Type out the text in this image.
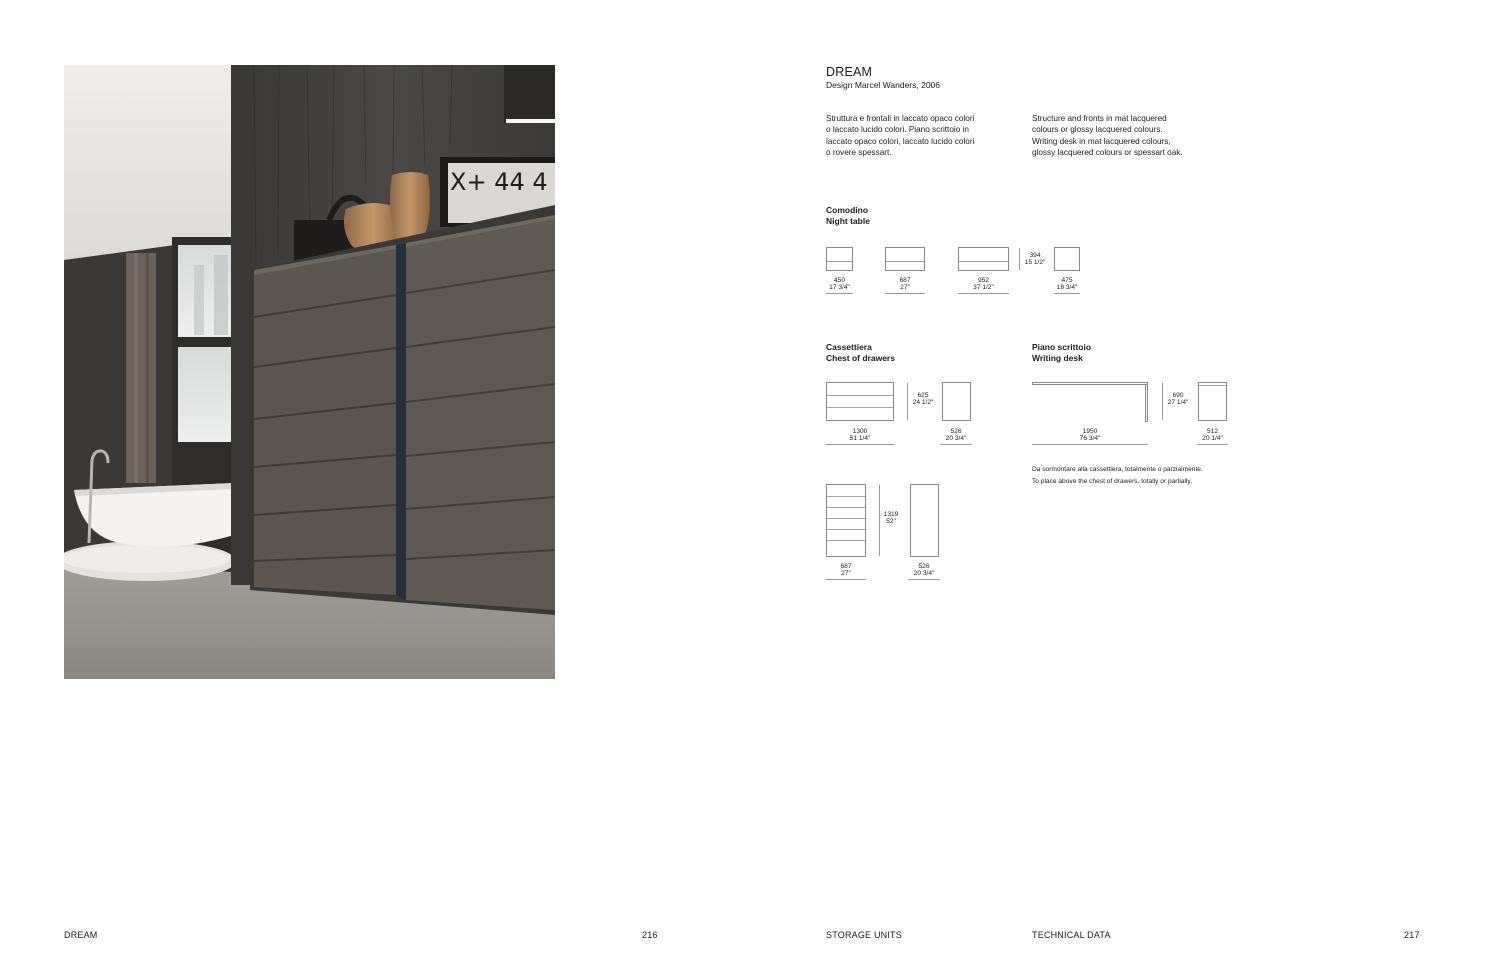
X+ 44 4
DREAM
Design Marcel Wanders, 2006
Struttura e frontali in laccato opaco colori
o laccato lucido colori. Piano scrittoio in
laccato opaco colori, laccato lucido colori
o rovere spessart.
Structure and fronts in mat lacquered
colours or glossy lacquered colours.
Writing desk in mat lacquered colours,
glossy lacquered colours or spessart oak.
Comodino
Night table
450
17 3/4"
687
27"
952
37 1/2"
394
15 1/2"
475
18 3/4"
Cassettiera
Chest of drawers
1300
51 1/4"
625
24 1/2"
526
20 3/4"
687
27"
1319
52"
526
20 3/4"
Piano scrittoio
Writing desk
1950
76 3/4"
690
27 1/4"
512
20 1/4"
Da sormontare alla cassettiera, totalmente o parzialmente.
To place above the chest of drawers, totally or partially.
DREAM	216	STORAGE UNITS	TECHNICAL DATA	217
